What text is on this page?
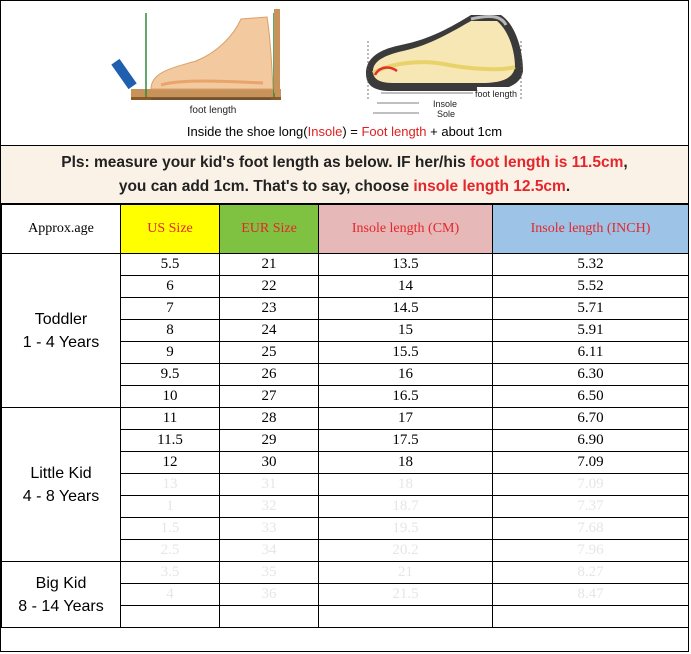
foot length
foot length
Insole
Sole
Inside the shoe long(Insole) = Foot length + about 1cm
Pls: measure your kid's foot length as below. IF her/his foot length is 11.5cm,
you can add 1cm. That's to say, choose insole length 12.5cm.
Approx.age	US Size	EUR Size	Insole length (CM)	Insole length (INCH)
Toddler
1 - 4 Years	5.5	21	13.5	5.32
	6	22	14	5.52
	7	23	14.5	5.71
	8	24	15	5.91
	9	25	15.5	6.11
	9.5	26	16	6.30
	10	27	16.5	6.50
Little Kid
4 - 8 Years	11	28	17	6.70
	11.5	29	17.5	6.90
	12	30	18	7.09
	13	31	18	7.09
	1	32	18.7	7.37
	1.5	33	19.5	7.68
	2.5	34	20.2	7.96
Big Kid
8 - 14 Years	3.5	35	21	8.27
	4	36	21.5	8.47
